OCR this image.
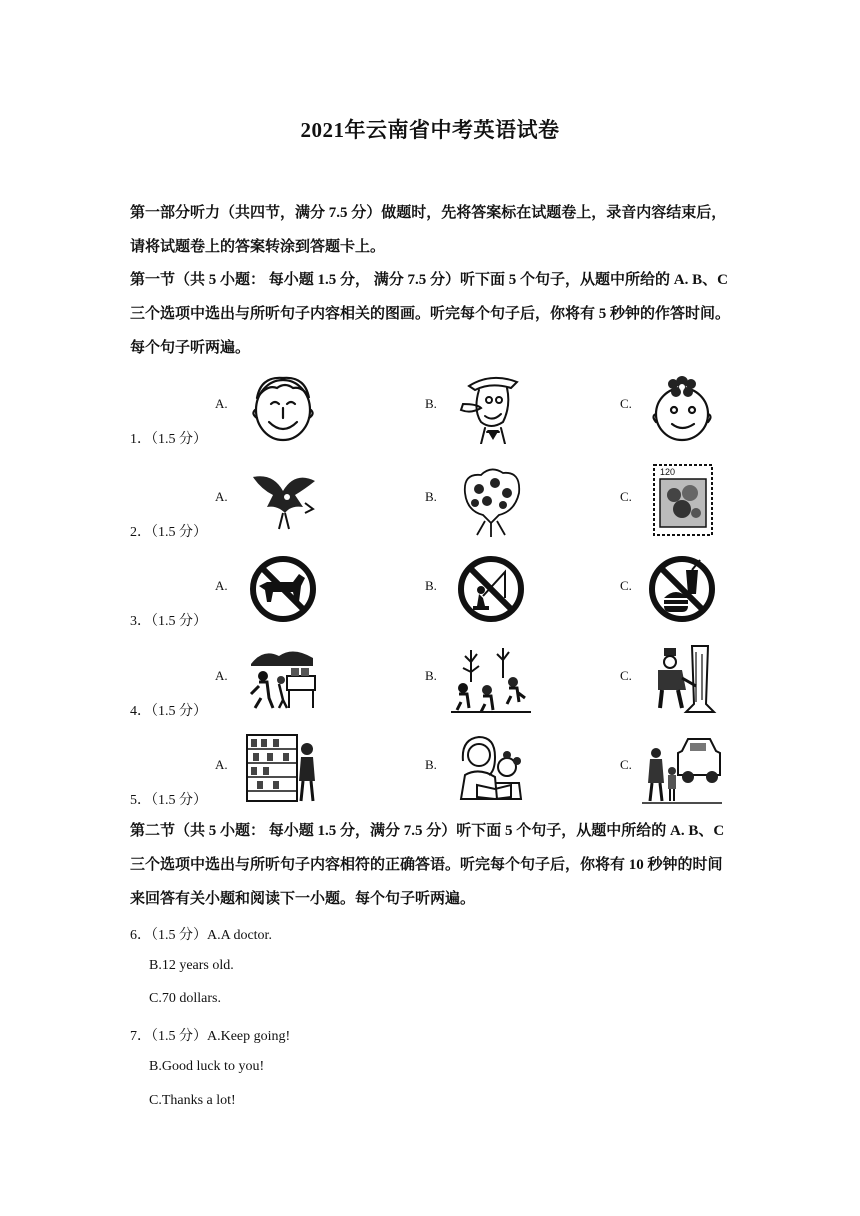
2021年云南省中考英语试卷

第一部分听力（共四节，满分 7.5 分）做题时，先将答案标在试题卷上，录音内容结束后，请将试题卷上的答案转涂到答题卡上。

第一节（共 5 小题： 每小题 1.5 分， 满分 7.5 分）听下面 5 个句子，从题中所给的 A. B、C 三个选项中选出与所听句子内容相关的图画。听完每个句子后，你将有 5 秒钟的作答时间。每个句子听两遍。

1．（1.5 分）
A.	B.	C.
2．（1.5 分）
A.	B.	C.
120
3．（1.5 分）
A.	B.	C.
4．（1.5 分）
A.	B.	C.
5．（1.5 分）
A.	B.	C.

第二节（共 5 小题： 每小题 1.5 分，满分 7.5 分）听下面 5 个句子，从题中所给的 A. B、C 三个选项中选出与所听句子内容相符的正确答语。听完每个句子后，你将有 10 秒钟的时间来回答有关小题和阅读下一小题。每个句子听两遍。

6．（1.5 分）A.A doctor.
B.12 years old.
C.70 dollars.
7．（1.5 分）A.Keep going!
B.Good luck to you!
C.Thanks a lot!
